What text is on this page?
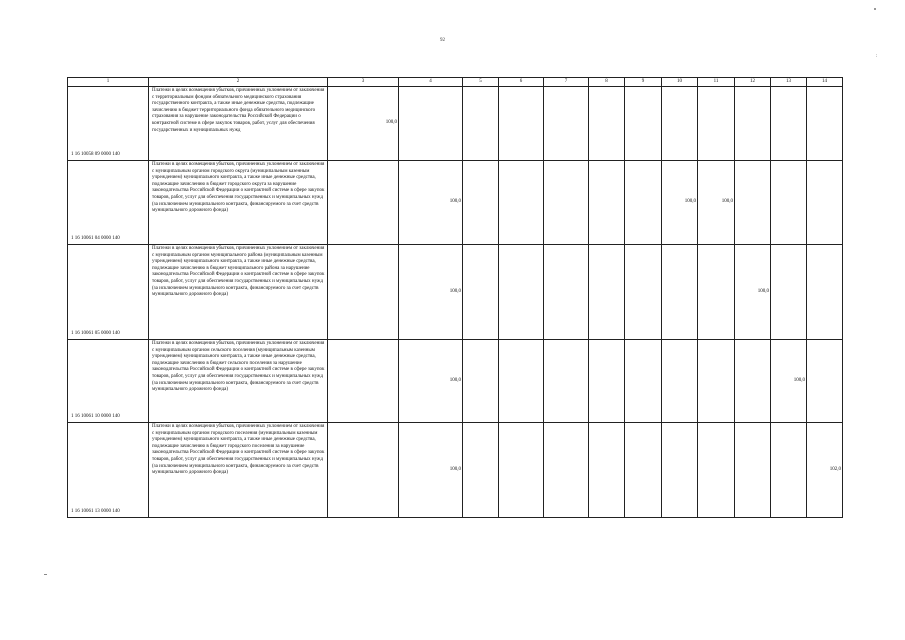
92
:
1	2	3	4	5	6	7	8	9	10	11	12	13	14
1 16 10058 09 0000 140	Платежи в целях возмещения убытков, причиненных уклонением от заключения с территориальным фондом обязательного медицинского страхования государственного контракта, а также иные денежные средства, подлежащие зачислению в бюджет территориального фонда обязательного медицинского страхования за нарушение законодательства Российской Федерации о контрактной системе в сфере закупок товаров, работ, услуг для обеспечения государственных и муниципальных нужд	100,0											
1 16 10061 04 0000 140	Платежи в целях возмещения убытков, причиненных уклонением от заключения с муниципальным органом городского округа (муниципальным казенным учреждением) муниципального контракта, а также иные денежные средства, подлежащие зачислению в бюджет городского округа за нарушение законодательства Российской Федерации о контрактной системе в сфере закупок товаров, работ, услуг для обеспечения государственных и муниципальных нужд (за исключением муниципального контракта, финансируемого за счет средств муниципального дорожного фонда)		100,0						100,0	100,0			
1 16 10061 05 0000 140	Платежи в целях возмещения убытков, причиненных уклонением от заключения с муниципальным органом муниципального района (муниципальным казенным учреждением) муниципального контракта, а также иные денежные средства, подлежащие зачислению в бюджет муниципального района за нарушение законодательства Российской Федерации о контрактной системе в сфере закупок товаров, работ, услуг для обеспечения государственных и муниципальных нужд (за исключением муниципального контракта, финансируемого за счет средств муниципального дорожного фонда)		100,0								100,0		
1 16 10061 10 0000 140	Платежи в целях возмещения убытков, причиненных уклонением от заключения с муниципальным органом сельского поселения (муниципальным казенным учреждением) муниципального контракта, а также иные денежные средства, подлежащие зачислению в бюджет сельского поселения за нарушение законодательства Российской Федерации о контрактной системе в сфере закупок товаров, работ, услуг для обеспечения государственных и муниципальных нужд (за исключением муниципального контракта, финансируемого за счет средств муниципального дорожного фонда)		100,0									100,0	
1 16 10061 13 0000 140	Платежи в целях возмещения убытков, причиненных уклонением от заключения с муниципальным органом городского поселения (муниципальным казенным учреждением) муниципального контракта, а также иные денежные средства, подлежащие зачислению в бюджет городского поселения за нарушение законодательства Российской Федерации о контрактной системе в сфере закупок товаров, работ, услуг для обеспечения государственных и муниципальных нужд (за исключением муниципального контракта, финансируемого за счет средств муниципального дорожного фонда)		100,0										102,0
